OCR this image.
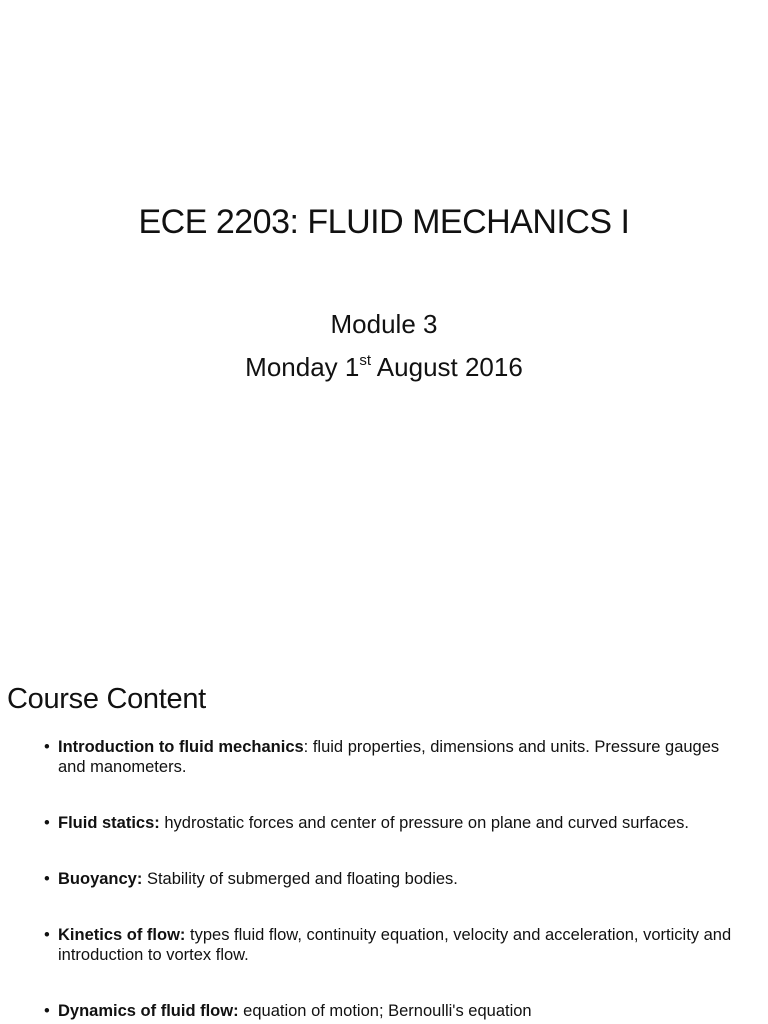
ECE 2203: FLUID MECHANICS I
Module 3
Monday 1st August 2016
Course Content
• Introduction to fluid mechanics: fluid properties, dimensions and units. Pressure gauges and manometers.
• Fluid statics: hydrostatic forces and center of pressure on plane and curved surfaces.
• Buoyancy: Stability of submerged and floating bodies.
• Kinetics of flow: types fluid flow, continuity equation, velocity and acceleration, vorticity and introduction to vortex flow.
• Dynamics of fluid flow: equation of motion; Bernoulli's equation
